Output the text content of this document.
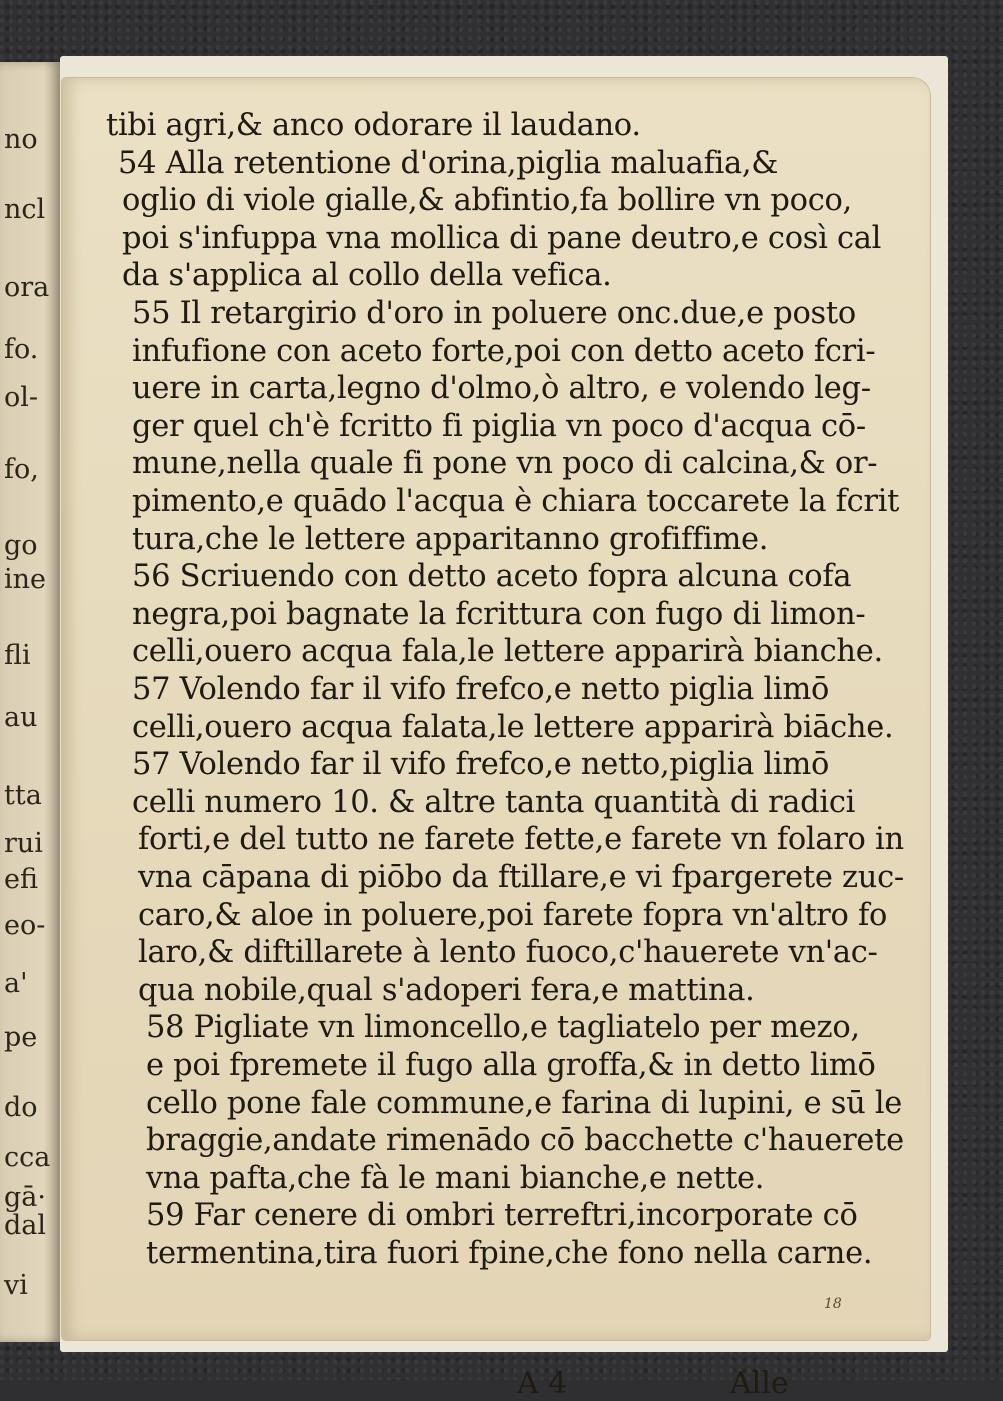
no
ncl
ora
fo.
ol-
fo,
go
ine
fli
au
tta
rui
efi
eo-
a'
pe
do
cca
gā·
dal
vi
tibi agri,& anco odorare il laudano.
54 Alla retentione d'orina,piglia maluafia,&
oglio di viole gialle,& abfintio,fa bollire vn poco,
poi s'infuppa vna mollica di pane deutro,e così cal
da s'applica al collo della vefica.
55 Il retargirio d'oro in poluere onc.due,e posto
infufione con aceto forte,poi con detto aceto fcri-
uere in carta,legno d'olmo,ò altro, e volendo leg-
ger quel ch'è fcritto fi piglia vn poco d'acqua cō-
mune,nella quale fi pone vn poco di calcina,& or-
pimento,e quādo l'acqua è chiara toccarete la fcrit
tura,che le lettere apparitanno grofiffime.
56 Scriuendo con detto aceto fopra alcuna cofa
negra,poi bagnate la fcrittura con fugo di limon-
celli,ouero acqua fala,le lettere apparirà bianche.
57 Volendo far il vifo frefco,e netto piglia limō
celli,ouero acqua falata,le lettere apparirà biāche.
57 Volendo far il vifo frefco,e netto,piglia limō
celli numero 10. & altre tanta quantità di radici
forti,e del tutto ne farete fette,e farete vn folaro in
vna cāpana di piōbo da ftillare,e vi fpargerete zuc-
caro,& aloe in poluere,poi farete fopra vn'altro fo
laro,& diftillarete à lento fuoco,c'hauerete vn'ac-
qua nobile,qual s'adoperi fera,e mattina.
58 Pigliate vn limoncello,e tagliatelo per mezo,
e poi fpremete il fugo alla groffa,& in detto limō
cello pone fale commune,e farina di lupini, e sū le
braggie,andate rimenādo cō bacchette c'hauerete
vna pafta,che fà le mani bianche,e nette.
59 Far cenere di ombri terreftri,incorporate cō
termentina,tira fuori fpine,che fono nella carne.
A 4	Alle
18
